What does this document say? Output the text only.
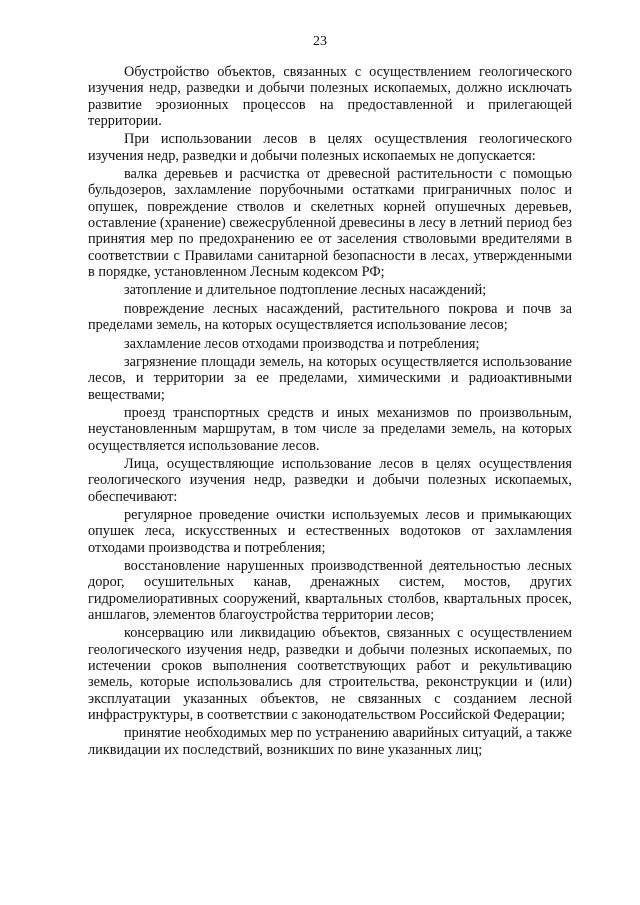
23

Обустройство объектов, связанных с осуществлением геологического изучения недр, разведки и добычи полезных ископаемых, должно исключать развитие эрозионных процессов на предоставленной и прилегающей территории.

При использовании лесов в целях осуществления геологического изучения недр, разведки и добычи полезных ископаемых не допускается:

валка деревьев и расчистка от древесной растительности с помощью бульдозеров, захламление порубочными остатками приграничных полос и опушек, повреждение стволов и скелетных корней опушечных деревьев, оставление (хранение) свежесрубленной древесины в лесу в летний период без принятия мер по предохранению ее от заселения стволовыми вредителями в соответствии с Правилами санитарной безопасности в лесах, утвержденными в порядке, установленном Лесным кодексом РФ;

затопление и длительное подтопление лесных насаждений;

повреждение лесных насаждений, растительного покрова и почв за пределами земель, на которых осуществляется использование лесов;

захламление лесов отходами производства и потребления;

загрязнение площади земель, на которых осуществляется использование лесов, и территории за ее пределами, химическими и радиоактивными веществами;

проезд транспортных средств и иных механизмов по произвольным, неустановленным маршрутам, в том числе за пределами земель, на которых осуществляется использование лесов.

Лица, осуществляющие использование лесов в целях осуществления геологического изучения недр, разведки и добычи полезных ископаемых, обеспечивают:

регулярное проведение очистки используемых лесов и примыкающих опушек леса, искусственных и естественных водотоков от захламления отходами производства и потребления;

восстановление нарушенных производственной деятельностью лесных дорог, осушительных канав, дренажных систем, мостов, других гидромелиоративных сооружений, квартальных столбов, квартальных просек, аншлагов, элементов благоустройства территории лесов;

консервацию или ликвидацию объектов, связанных с осуществлением геологического изучения недр, разведки и добычи полезных ископаемых, по истечении сроков выполнения соответствующих работ и рекультивацию земель, которые использовались для строительства, реконструкции и (или) эксплуатации указанных объектов, не связанных с созданием лесной инфраструктуры, в соответствии с законодательством Российской Федерации;

принятие необходимых мер по устранению аварийных ситуаций, а также ликвидации их последствий, возникших по вине указанных лиц;
